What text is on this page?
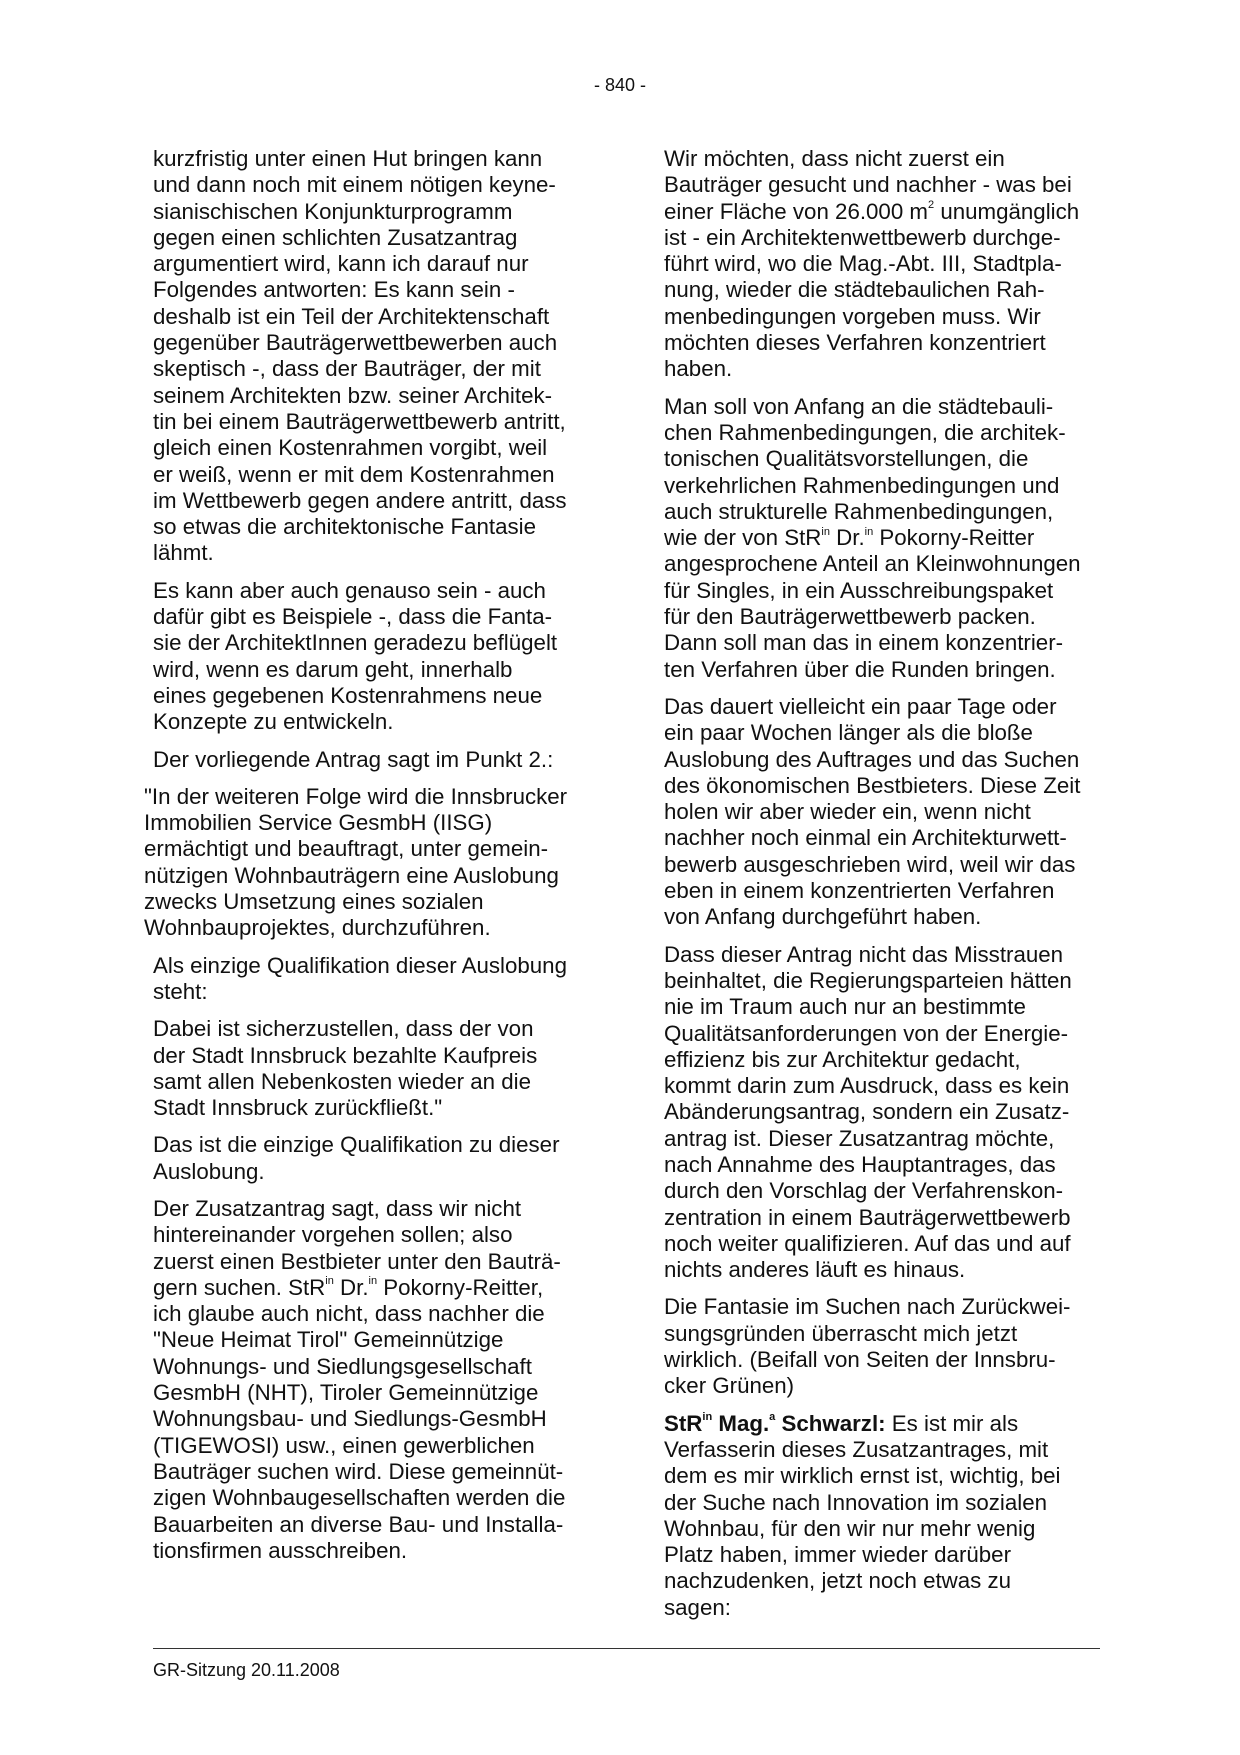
- 840 -

kurzfristig unter einen Hut bringen kann
und dann noch mit einem nötigen keyne-
sianischischen Konjunkturprogramm
gegen einen schlichten Zusatzantrag
argumentiert wird, kann ich darauf nur
Folgendes antworten: Es kann sein -
deshalb ist ein Teil der Architektenschaft
gegenüber Bauträgerwettbewerben auch
skeptisch -, dass der Bauträger, der mit
seinem Architekten bzw. seiner Architek-
tin bei einem Bauträgerwettbewerb antritt,
gleich einen Kostenrahmen vorgibt, weil
er weiß, wenn er mit dem Kostenrahmen
im Wettbewerb gegen andere antritt, dass
so etwas die architektonische Fantasie
lähmt.

Es kann aber auch genauso sein - auch
dafür gibt es Beispiele -, dass die Fanta-
sie der ArchitektInnen geradezu beflügelt
wird, wenn es darum geht, innerhalb
eines gegebenen Kostenrahmens neue
Konzepte zu entwickeln.

Der vorliegende Antrag sagt im Punkt 2.:

"In der weiteren Folge wird die Innsbrucker
Immobilien Service GesmbH (IISG)
ermächtigt und beauftragt, unter gemein-
nützigen Wohnbauträgern eine Auslobung
zwecks Umsetzung eines sozialen
Wohnbauprojektes, durchzuführen.

Als einzige Qualifikation dieser Auslobung
steht:

Dabei ist sicherzustellen, dass der von
der Stadt Innsbruck bezahlte Kaufpreis
samt allen Nebenkosten wieder an die
Stadt Innsbruck zurückfließt."

Das ist die einzige Qualifikation zu dieser
Auslobung.

Der Zusatzantrag sagt, dass wir nicht
hintereinander vorgehen sollen; also
zuerst einen Bestbieter unter den Bauträ-
gern suchen. StR$^{in}$ Dr.$^{in}$ Pokorny-Reitter,
ich glaube auch nicht, dass nachher die
"Neue Heimat Tirol" Gemeinnützige
Wohnungs- und Siedlungsgesellschaft
GesmbH (NHT), Tiroler Gemeinnützige
Wohnungsbau- und Siedlungs-GesmbH
(TIGEWOSI) usw., einen gewerblichen
Bauträger suchen wird. Diese gemeinnüt-
zigen Wohnbaugesellschaften werden die
Bauarbeiten an diverse Bau- und Installa-
tionsfirmen ausschreiben.

Wir möchten, dass nicht zuerst ein
Bauträger gesucht und nachher - was bei
einer Fläche von 26.000 $m^2$ unumgänglich
ist - ein Architektenwettbewerb durchge-
führt wird, wo die Mag.-Abt. III, Stadtpla-
nung, wieder die städtebaulichen Rah-
menbedingungen vorgeben muss. Wir
möchten dieses Verfahren konzentriert
haben.

Man soll von Anfang an die städtebauli-
chen Rahmenbedingungen, die architek-
tonischen Qualitätsvorstellungen, die
verkehrlichen Rahmenbedingungen und
auch strukturelle Rahmenbedingungen,
wie der von StR$^{in}$ Dr.$^{in}$ Pokorny-Reitter
angesprochene Anteil an Kleinwohnungen
für Singles, in ein Ausschreibungspaket
für den Bauträgerwettbewerb packen.
Dann soll man das in einem konzentrier-
ten Verfahren über die Runden bringen.

Das dauert vielleicht ein paar Tage oder
ein paar Wochen länger als die bloße
Auslobung des Auftrages und das Suchen
des ökonomischen Bestbieters. Diese Zeit
holen wir aber wieder ein, wenn nicht
nachher noch einmal ein Architekturwett-
bewerb ausgeschrieben wird, weil wir das
eben in einem konzentrierten Verfahren
von Anfang durchgeführt haben.

Dass dieser Antrag nicht das Misstrauen
beinhaltet, die Regierungsparteien hätten
nie im Traum auch nur an bestimmte
Qualitätsanforderungen von der Energie-
effizienz bis zur Architektur gedacht,
kommt darin zum Ausdruck, dass es kein
Abänderungsantrag, sondern ein Zusatz-
antrag ist. Dieser Zusatzantrag möchte,
nach Annahme des Hauptantrages, das
durch den Vorschlag der Verfahrenskon-
zentration in einem Bauträgerwettbewerb
noch weiter qualifizieren. Auf das und auf
nichts anderes läuft es hinaus.

Die Fantasie im Suchen nach Zurückwei-
sungsgründen überrascht mich jetzt
wirklich. (Beifall von Seiten der Innsbru-
cker Grünen)

StR$^{in}$ Mag.$^a$ Schwarzl: Es ist mir als
Verfasserin dieses Zusatzantrages, mit
dem es mir wirklich ernst ist, wichtig, bei
der Suche nach Innovation im sozialen
Wohnbau, für den wir nur mehr wenig
Platz haben, immer wieder darüber
nachzudenken, jetzt noch etwas zu
sagen:

GR-Sitzung 20.11.2008
